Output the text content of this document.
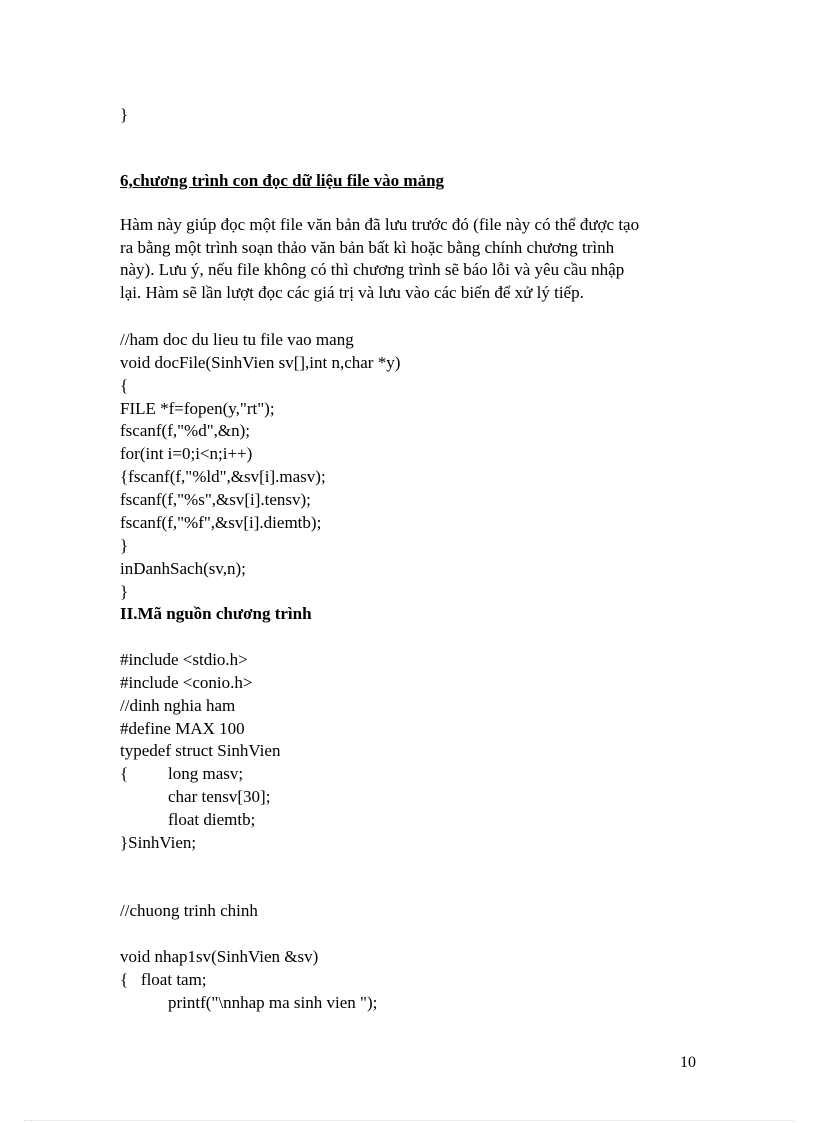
}
6,chương trình con đọc dữ liệu file vào mảng
Hàm này giúp đọc một file văn bản đã lưu trước đó (file này có thể được tạo
ra bằng một trình soạn thảo văn bản bất kì hoặc bằng chính chương trình
này). Lưu ý, nếu file không có thì chương trình sẽ báo lỗi và yêu cầu nhập
lại. Hàm sẽ lần lượt đọc các giá trị và lưu vào các biến để xử lý tiếp.
//ham doc du lieu tu file vao mang
void docFile(SinhVien sv[],int n,char *y)
{
FILE *f=fopen(y,"rt");
fscanf(f,"%d",&n);
for(int i=0;i<n;i++)
{fscanf(f,"%ld",&sv[i].masv);
fscanf(f,"%s",&sv[i].tensv);
fscanf(f,"%f",&sv[i].diemtb);
}
inDanhSach(sv,n);
}
II.Mã nguồn chương trình
#include <stdio.h>
#include <conio.h>
//dinh nghia ham
#define MAX 100
typedef struct SinhVien
{ long masv;
char tensv[30];
float diemtb;
}SinhVien;
//chuong trinh chinh
void nhap1sv(SinhVien &sv)
{   float tam;
printf("\nnhap ma sinh vien ");
10
